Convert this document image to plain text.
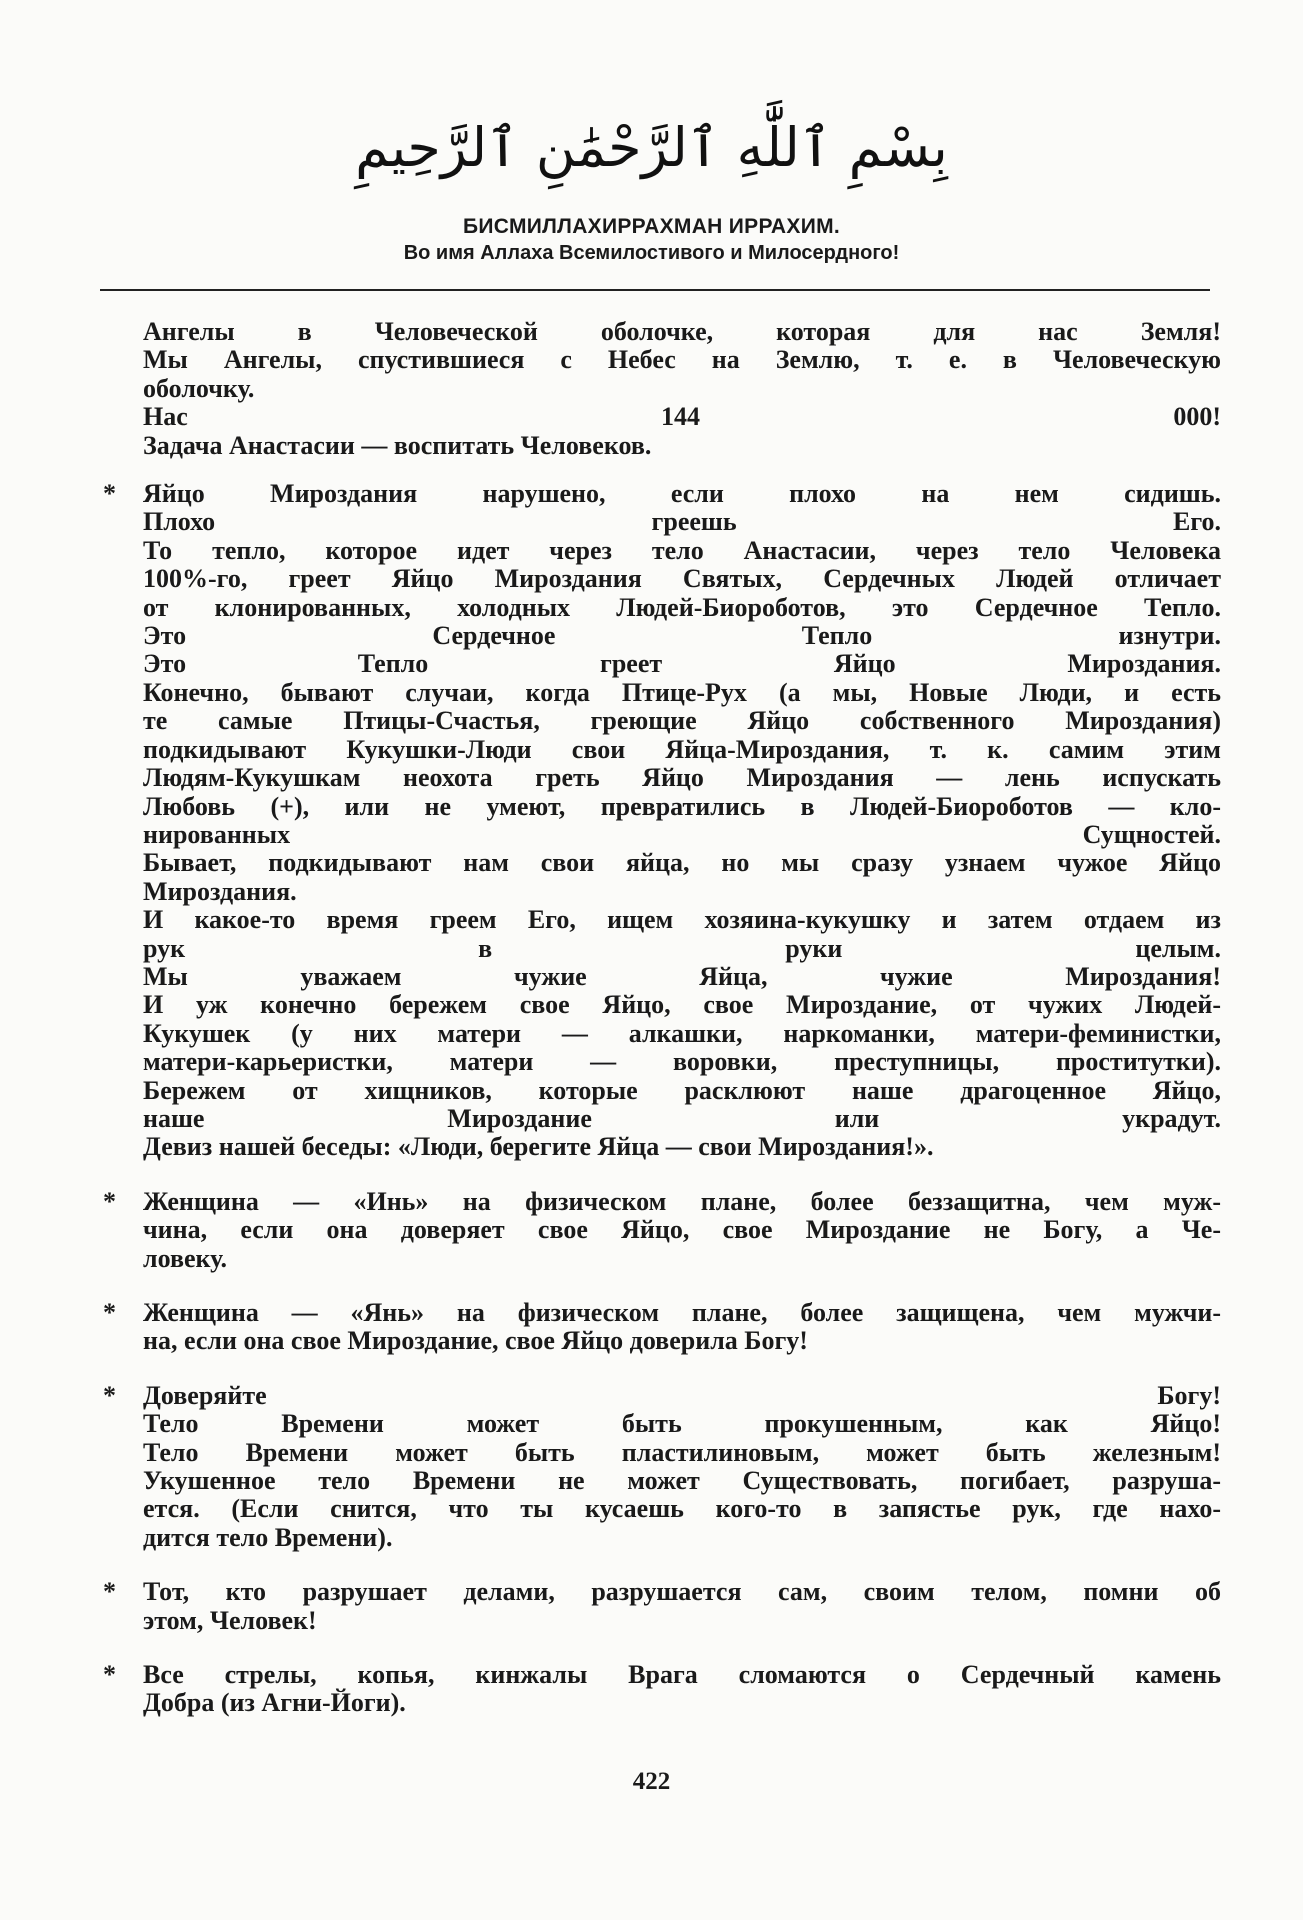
بِسْمِ ٱللَّٰهِ ٱلرَّحْمَٰنِ ٱلرَّحِيمِ
БИСМИЛЛАХИРРАХМАН ИРРАХИМ.
Во имя Аллаха Всемилостивого и Милосердного!
Ангелы в Человеческой оболочке, которая для нас Земля!
Мы Ангелы, спустившиеся с Небес на Землю, т. е. в Человеческую
оболочку.
Нас 144 000!
Задача Анастасии — воспитать Человеков.
* Яйцо Мироздания нарушено, если плохо на нем сидишь.
Плохо греешь Его.
То тепло, которое идет через тело Анастасии, через тело Человека
100%-го, греет Яйцо Мироздания Святых, Сердечных Людей отличает
от клонированных, холодных Людей-Биороботов, это Сердечное Тепло.
Это Сердечное Тепло изнутри.
Это Тепло греет Яйцо Мироздания.
Конечно, бывают случаи, когда Птице-Рух (а мы, Новые Люди, и есть
те самые Птицы-Счастья, греющие Яйцо собственного Мироздания)
подкидывают Кукушки-Люди свои Яйца-Мироздания, т. к. самим этим
Людям-Кукушкам неохота греть Яйцо Мироздания — лень испускать
Любовь (+), или не умеют, превратились в Людей-Биороботов — кло-
нированных Сущностей.
Бывает, подкидывают нам свои яйца, но мы сразу узнаем чужое Яйцо
Мироздания.
И какое-то время греем Его, ищем хозяина-кукушку и затем отдаем из
рук в руки целым.
Мы уважаем чужие Яйца, чужие Мироздания!
И уж конечно бережем свое Яйцо, свое Мироздание, от чужих Людей-
Кукушек (у них матери — алкашки, наркоманки, матери-феминистки,
матери-карьеристки, матери — воровки, преступницы, проститутки).
Бережем от хищников, которые расклюют наше драгоценное Яйцо,
наше Мироздание или украдут.
Девиз нашей беседы: «Люди, берегите Яйца — свои Мироздания!».
* Женщина — «Инь» на физическом плане, более беззащитна, чем муж-
чина, если она доверяет свое Яйцо, свое Мироздание не Богу, а Че-
ловеку.
* Женщина — «Янь» на физическом плане, более защищена, чем мужчи-
на, если она свое Мироздание, свое Яйцо доверила Богу!
* Доверяйте Богу!
Тело Времени может быть прокушенным, как Яйцо!
Тело Времени может быть пластилиновым, может быть железным!
Укушенное тело Времени не может Существовать, погибает, разруша-
ется. (Если снится, что ты кусаешь кого-то в запястье рук, где нахо-
дится тело Времени).
* Тот, кто разрушает делами, разрушается сам, своим телом, помни об
этом, Человек!
* Все стрелы, копья, кинжалы Врага сломаются о Сердечный камень
Добра (из Агни-Йоги).
422
